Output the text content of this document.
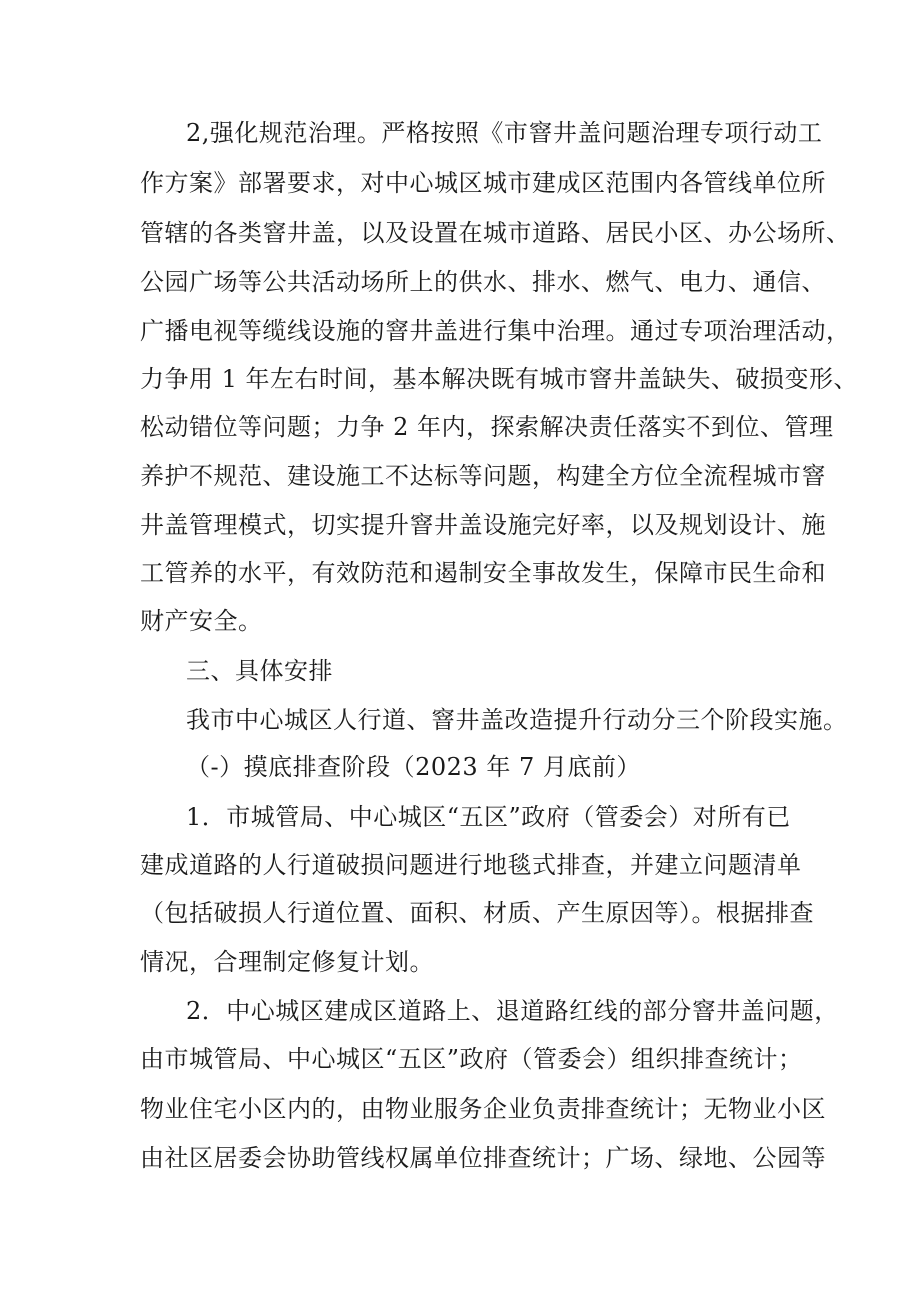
2,强化规范治理。严格按照《市窨井盖问题治理专项行动工
作方案》部署要求，对中心城区城市建成区范围内各管线单位所
管辖的各类窨井盖，以及设置在城市道路、居民小区、办公场所、
公园广场等公共活动场所上的供水、排水、燃气、电力、通信、
广播电视等缆线设施的窨井盖进行集中治理。通过专项治理活动，
力争用 1 年左右时间，基本解决既有城市窨井盖缺失、破损变形、
松动错位等问题；力争 2 年内，探索解决责任落实不到位、管理
养护不规范、建设施工不达标等问题，构建全方位全流程城市窨
井盖管理模式，切实提升窨井盖设施完好率，以及规划设计、施
工管养的水平，有效防范和遏制安全事故发生，保障市民生命和
财产安全。
三、具体安排
我市中心城区人行道、窨井盖改造提升行动分三个阶段实施。
（-）摸底排查阶段（2023 年 7 月底前）
1．市城管局、中心城区“五区”政府（管委会）对所有已
建成道路的人行道破损问题进行地毯式排查，并建立问题清单
（包括破损人行道位置、面积、材质、产生原因等）。根据排查
情况，合理制定修复计划。
2．中心城区建成区道路上、退道路红线的部分窨井盖问题，
由市城管局、中心城区“五区”政府（管委会）组织排查统计；
物业住宅小区内的，由物业服务企业负责排查统计；无物业小区
由社区居委会协助管线权属单位排查统计；广场、绿地、公园等
